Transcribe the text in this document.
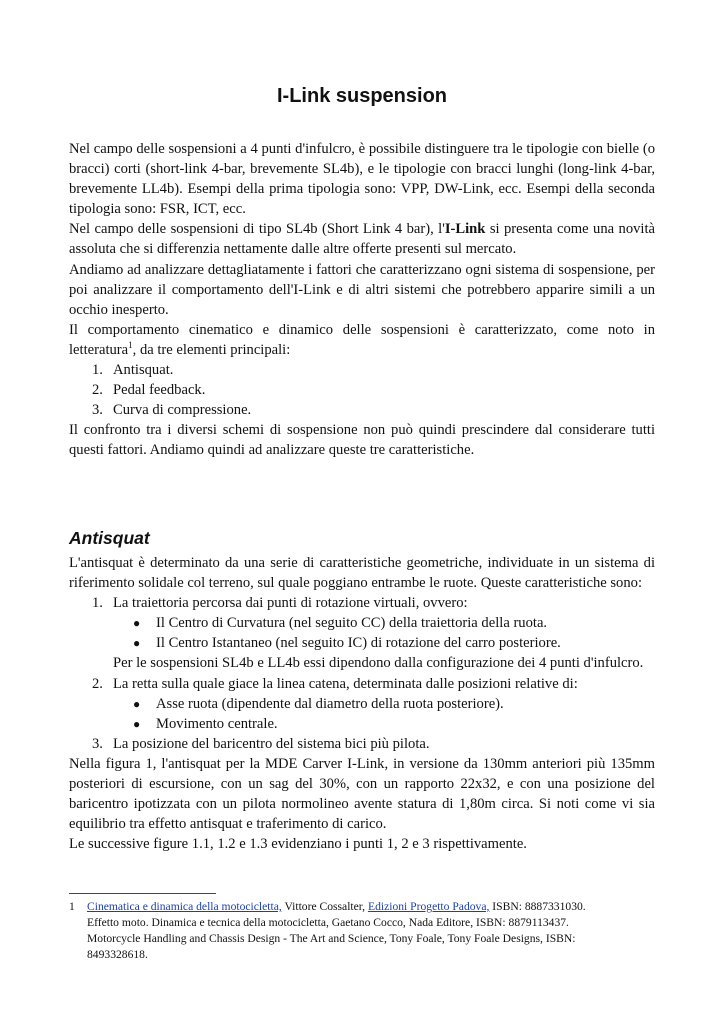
I-Link suspension

Nel campo delle sospensioni a 4 punti d'infulcro, è possibile distinguere tra le tipologie con bielle (o bracci) corti (short-link 4-bar, brevemente SL4b), e le tipologie con bracci lunghi (long-link 4-bar, brevemente LL4b). Esempi della prima tipologia sono: VPP, DW-Link, ecc. Esempi della seconda tipologia sono: FSR, ICT, ecc.

Nel campo delle sospensioni di tipo SL4b (Short Link 4 bar), l'I-Link si presenta come una novità assoluta che si differenzia nettamente dalle altre offerte presenti sul mercato.

Andiamo ad analizzare dettagliatamente i fattori che caratterizzano ogni sistema di sospensione, per poi analizzare il comportamento dell'I-Link e di altri sistemi che potrebbero apparire simili a un occhio inesperto.

Il comportamento cinematico e dinamico delle sospensioni è caratterizzato, come noto in letteratura$^1$, da tre elementi principali:

1. Antisquat.
2. Pedal feedback.
3. Curva di compressione.

Il confronto tra i diversi schemi di sospensione non può quindi prescindere dal considerare tutti questi fattori. Andiamo quindi ad analizzare queste tre caratteristiche.

Antisquat

L'antisquat è determinato da una serie di caratteristiche geometriche, individuate in un sistema di riferimento solidale col terreno, sul quale poggiano entrambe le ruote. Queste caratteristiche sono:

1. La traiettoria percorsa dai punti di rotazione virtuali, ovvero:
● Il Centro di Curvatura (nel seguito CC) della traiettoria della ruota.
● Il Centro Istantaneo (nel seguito IC) di rotazione del carro posteriore.
Per le sospensioni SL4b e LL4b essi dipendono dalla configurazione dei 4 punti d'infulcro.
2. La retta sulla quale giace la linea catena, determinata dalle posizioni relative di:
● Asse ruota (dipendente dal diametro della ruota posteriore).
● Movimento centrale.
3. La posizione del baricentro del sistema bici più pilota.

Nella figura 1, l'antisquat per la MDE Carver I-Link, in versione da 130mm anteriori più 135mm posteriori di escursione, con un sag del 30%, con un rapporto 22x32, e con una posizione del baricentro ipotizzata con un pilota normolineo avente statura di 1,80m circa. Si noti come vi sia equilibrio tra effetto antisquat e traferimento di carico.

Le successive figure 1.1, 1.2 e 1.3 evidenziano i punti 1, 2 e 3 rispettivamente.

1 Cinematica e dinamica della motocicletta, Vittore Cossalter, Edizioni Progetto Padova, ISBN: 8887331030.
Effetto moto. Dinamica e tecnica della motocicletta, Gaetano Cocco, Nada Editore, ISBN: 8879113437.
Motorcycle Handling and Chassis Design - The Art and Science, Tony Foale, Tony Foale Designs, ISBN:
8493328618.
